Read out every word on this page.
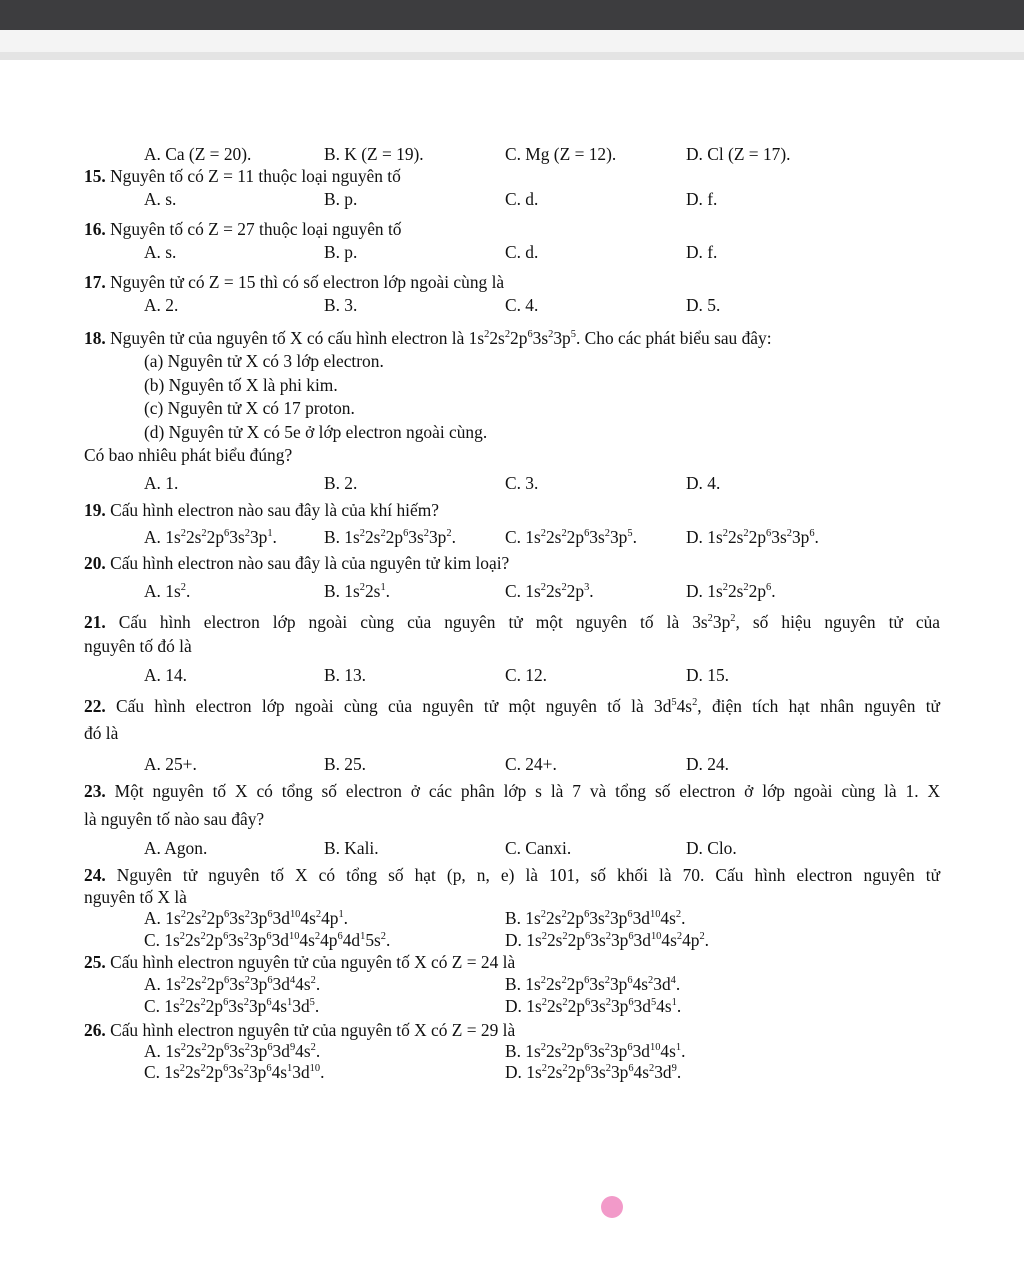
A. Ca (Z = 20).	B. K (Z = 19).	C. Mg (Z = 12).	D. Cl (Z = 17).
15. Nguyên tố có Z = 11 thuộc loại nguyên tố
A. s.	B. p.	C. d.	D. f.
16. Nguyên tố có Z = 27 thuộc loại nguyên tố
A. s.	B. p.	C. d.	D. f.
17. Nguyên tử có Z = 15 thì có số electron lớp ngoài cùng là
A. 2.	B. 3.	C. 4.	D. 5.
18. Nguyên tử của nguyên tố X có cấu hình electron là $1s^22s^22p^63s^23p^5$. Cho các phát biểu sau đây:
(a) Nguyên tử X có 3 lớp electron.
(b) Nguyên tố X là phi kim.
(c) Nguyên tử X có 17 proton.
(d) Nguyên tử X có 5e ở lớp electron ngoài cùng.
Có bao nhiêu phát biểu đúng?
A. 1.	B. 2.	C. 3.	D. 4.
19. Cấu hình electron nào sau đây là của khí hiếm?
A. $1s^22s^22p^63s^23p^1$.	B. $1s^22s^22p^63s^23p^2$.	C. $1s^22s^22p^63s^23p^5$.	D. $1s^22s^22p^63s^23p^6$.
20. Cấu hình electron nào sau đây là của nguyên tử kim loại?
A. $1s^2$.	B. $1s^22s^1$.	C. $1s^22s^22p^3$.	D. $1s^22s^22p^6$.
21. Cấu hình electron lớp ngoài cùng của nguyên tử một nguyên tố là $3s^23p^2$, số hiệu nguyên tử của
nguyên tố đó là
A. 14.	B. 13.	C. 12.	D. 15.
22. Cấu hình electron lớp ngoài cùng của nguyên tử một nguyên tố là $3d^54s^2$, điện tích hạt nhân nguyên tử
đó là
A. 25+.	B. 25.	C. 24+.	D. 24.
23. Một nguyên tố X có tổng số electron ở các phân lớp s là 7 và tổng số electron ở lớp ngoài cùng là 1. X
là nguyên tố nào sau đây?
A. Agon.	B. Kali.	C. Canxi.	D. Clo.
24. Nguyên tử nguyên tố X có tổng số hạt (p, n, e) là 101, số khối là 70. Cấu hình electron nguyên tử
nguyên tố X là
A. $1s^22s^22p^63s^23p^63d^{10}4s^24p^1$.	B. $1s^22s^22p^63s^23p^63d^{10}4s^2$.
C. $1s^22s^22p^63s^23p^63d^{10}4s^24p^64d^15s^2$.	D. $1s^22s^22p^63s^23p^63d^{10}4s^24p^2$.
25. Cấu hình electron nguyên tử của nguyên tố X có Z = 24 là
A. $1s^22s^22p^63s^23p^63d^44s^2$.	B. $1s^22s^22p^63s^23p^64s^23d^4$.
C. $1s^22s^22p^63s^23p^64s^13d^5$.	D. $1s^22s^22p^63s^23p^63d^54s^1$.
26. Cấu hình electron nguyên tử của nguyên tố X có Z = 29 là
A. $1s^22s^22p^63s^23p^63d^94s^2$.	B. $1s^22s^22p^63s^23p^63d^{10}4s^1$.
C. $1s^22s^22p^63s^23p^64s^13d^{10}$.	D. $1s^22s^22p^63s^23p^64s^23d^9$.
